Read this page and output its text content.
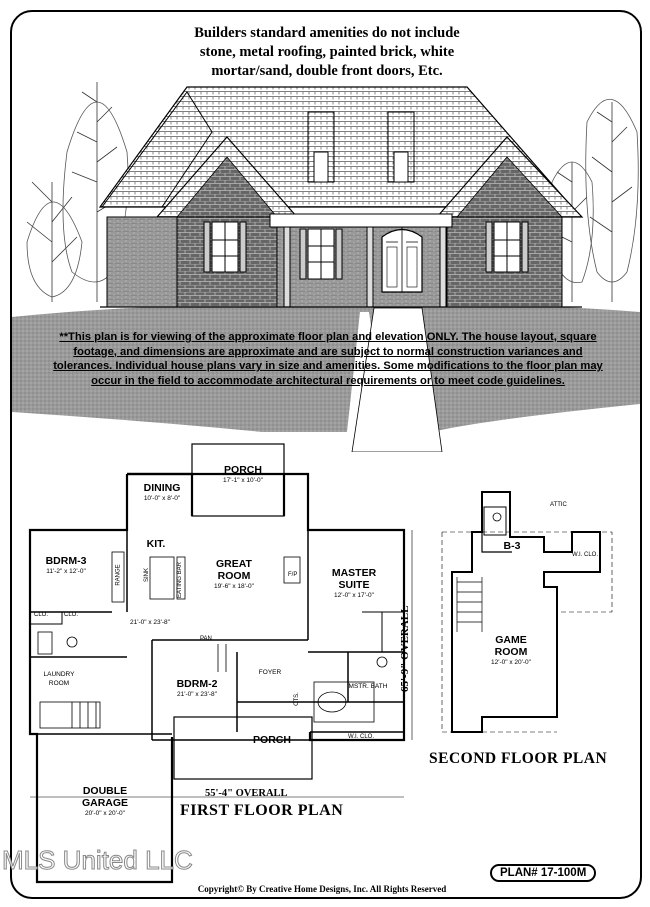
Builders standard amenities do not include
stone, metal roofing, painted brick, white
mortar/sand, double front doors, Etc.
**This plan is for viewing of the approximate floor plan and elevation ONLY. The house layout, square footage, and dimensions are approximate and are subject to normal construction variances and tolerances. Individual house plans vary in size and amenities. Some modifications to the floor plan may occur in the field to accommodate architectural requirements or to meet code guidelines.
PORCH
17'-1" x 10'-0"
DINING
10'-0" x 8'-0"
KIT.
21'-0" x 23'-8"
GREAT ROOM
19'-6" x 18'-0"
MASTER SUITE
12'-0" x 17'-0"
BDRM-3
11'-2" x 12'-0"
BDRM-2
21'-0" x 23'-8"
LAUNDRY ROOM
FOYER
MSTR. BATH
PORCH
DOUBLE GARAGE
20'-0" x 20'-0"
CLO.	CLO.
W.I. CLO.
PAN
F/P
RANGE	SINK	EATING BAR
CTS.
55'-4" OVERALL
65'-9" OVERALL
FIRST FLOOR PLAN
B-3
GAME ROOM
12'-0" x 20'-0"
ATTIC
W.I. CLO.
SECOND FLOOR PLAN
PLAN# 17-100M
Copyright© By Creative Home Designs, Inc. All Rights Reserved
MLS United LLC
